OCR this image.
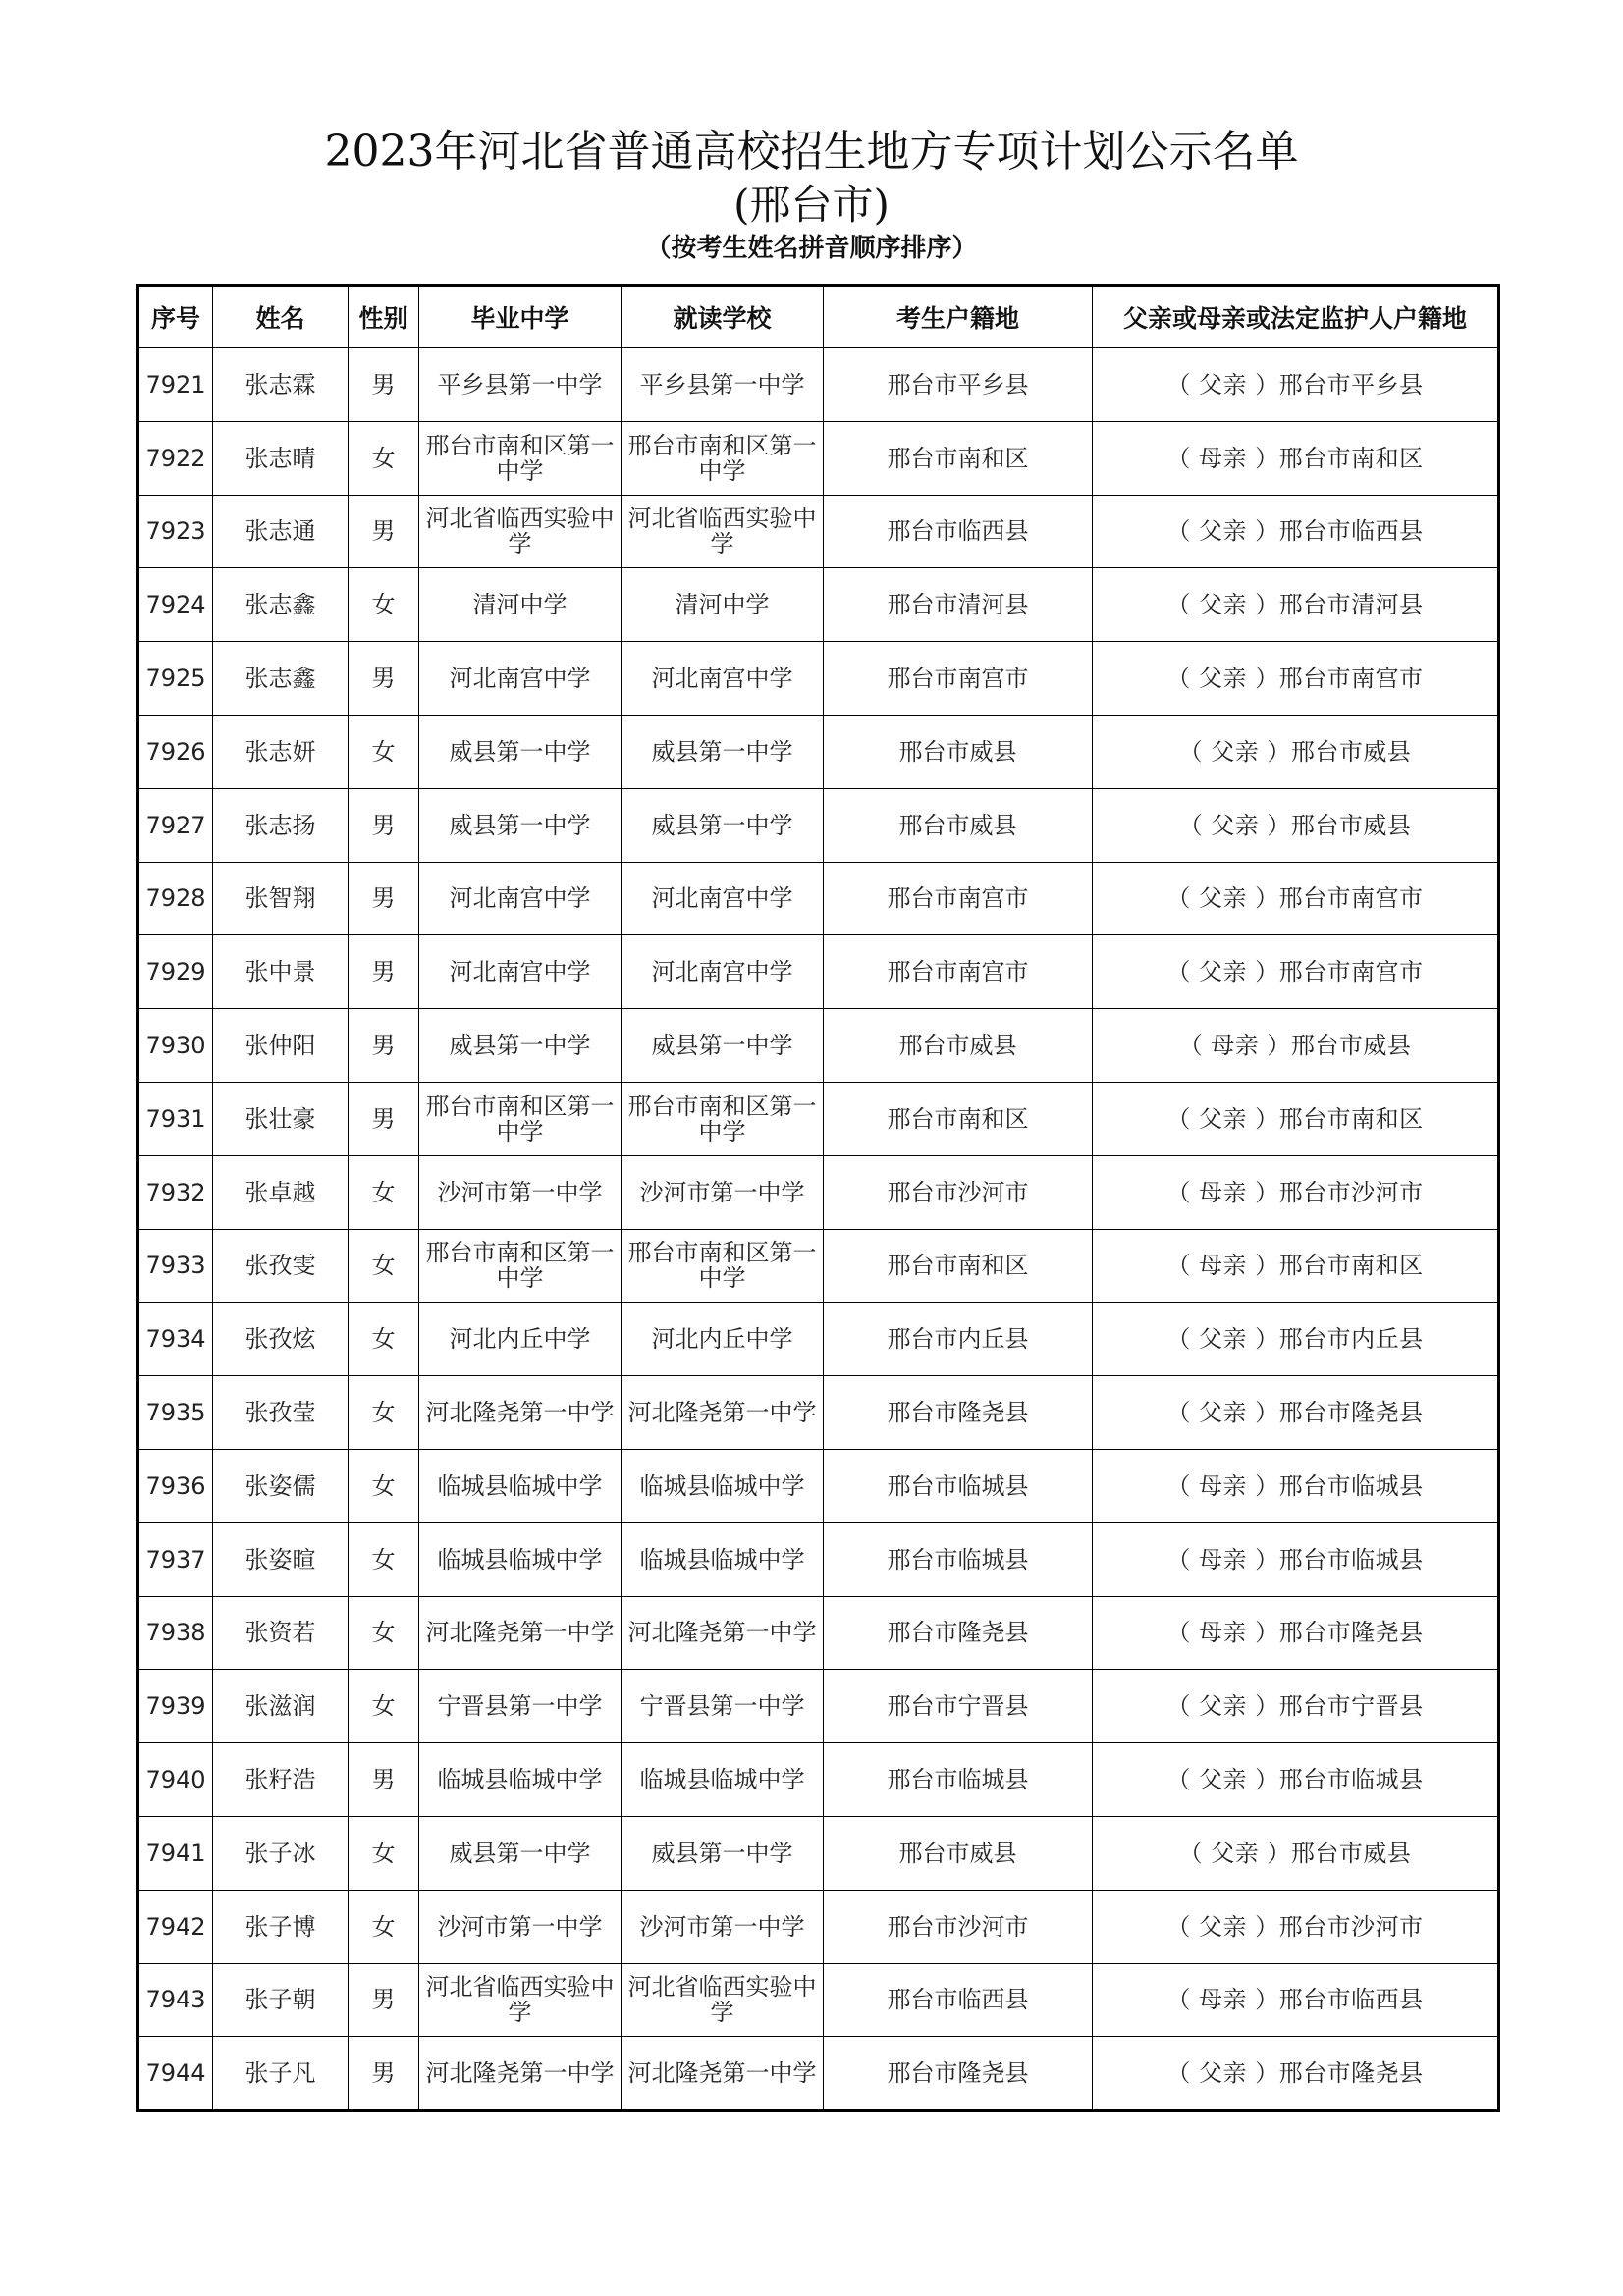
2023年河北省普通高校招生地方专项计划公示名单
(邢台市)
（按考生姓名拼音顺序排序）
序号	姓名	性别	毕业中学	就读学校	考生户籍地	父亲或母亲或法定监护人户籍地
7921	张志霖	男	平乡县第一中学	平乡县第一中学	邢台市平乡县	（ 父亲 ）邢台市平乡县
7922	张志晴	女	邢台市南和区第一中学	邢台市南和区第一中学	邢台市南和区	（ 母亲 ）邢台市南和区
7923	张志通	男	河北省临西实验中学	河北省临西实验中学	邢台市临西县	（ 父亲 ）邢台市临西县
7924	张志鑫	女	清河中学	清河中学	邢台市清河县	（ 父亲 ）邢台市清河县
7925	张志鑫	男	河北南宫中学	河北南宫中学	邢台市南宫市	（ 父亲 ）邢台市南宫市
7926	张志妍	女	威县第一中学	威县第一中学	邢台市威县	（ 父亲 ）邢台市威县
7927	张志扬	男	威县第一中学	威县第一中学	邢台市威县	（ 父亲 ）邢台市威县
7928	张智翔	男	河北南宫中学	河北南宫中学	邢台市南宫市	（ 父亲 ）邢台市南宫市
7929	张中景	男	河北南宫中学	河北南宫中学	邢台市南宫市	（ 父亲 ）邢台市南宫市
7930	张仲阳	男	威县第一中学	威县第一中学	邢台市威县	（ 母亲 ）邢台市威县
7931	张壮豪	男	邢台市南和区第一中学	邢台市南和区第一中学	邢台市南和区	（ 父亲 ）邢台市南和区
7932	张卓越	女	沙河市第一中学	沙河市第一中学	邢台市沙河市	（ 母亲 ）邢台市沙河市
7933	张孜雯	女	邢台市南和区第一中学	邢台市南和区第一中学	邢台市南和区	（ 母亲 ）邢台市南和区
7934	张孜炫	女	河北内丘中学	河北内丘中学	邢台市内丘县	（ 父亲 ）邢台市内丘县
7935	张孜莹	女	河北隆尧第一中学	河北隆尧第一中学	邢台市隆尧县	（ 父亲 ）邢台市隆尧县
7936	张姿儒	女	临城县临城中学	临城县临城中学	邢台市临城县	（ 母亲 ）邢台市临城县
7937	张姿暄	女	临城县临城中学	临城县临城中学	邢台市临城县	（ 母亲 ）邢台市临城县
7938	张资若	女	河北隆尧第一中学	河北隆尧第一中学	邢台市隆尧县	（ 母亲 ）邢台市隆尧县
7939	张滋润	女	宁晋县第一中学	宁晋县第一中学	邢台市宁晋县	（ 父亲 ）邢台市宁晋县
7940	张籽浩	男	临城县临城中学	临城县临城中学	邢台市临城县	（ 父亲 ）邢台市临城县
7941	张子冰	女	威县第一中学	威县第一中学	邢台市威县	（ 父亲 ）邢台市威县
7942	张子博	女	沙河市第一中学	沙河市第一中学	邢台市沙河市	（ 父亲 ）邢台市沙河市
7943	张子朝	男	河北省临西实验中学	河北省临西实验中学	邢台市临西县	（ 母亲 ）邢台市临西县
7944	张子凡	男	河北隆尧第一中学	河北隆尧第一中学	邢台市隆尧县	（ 父亲 ）邢台市隆尧县
